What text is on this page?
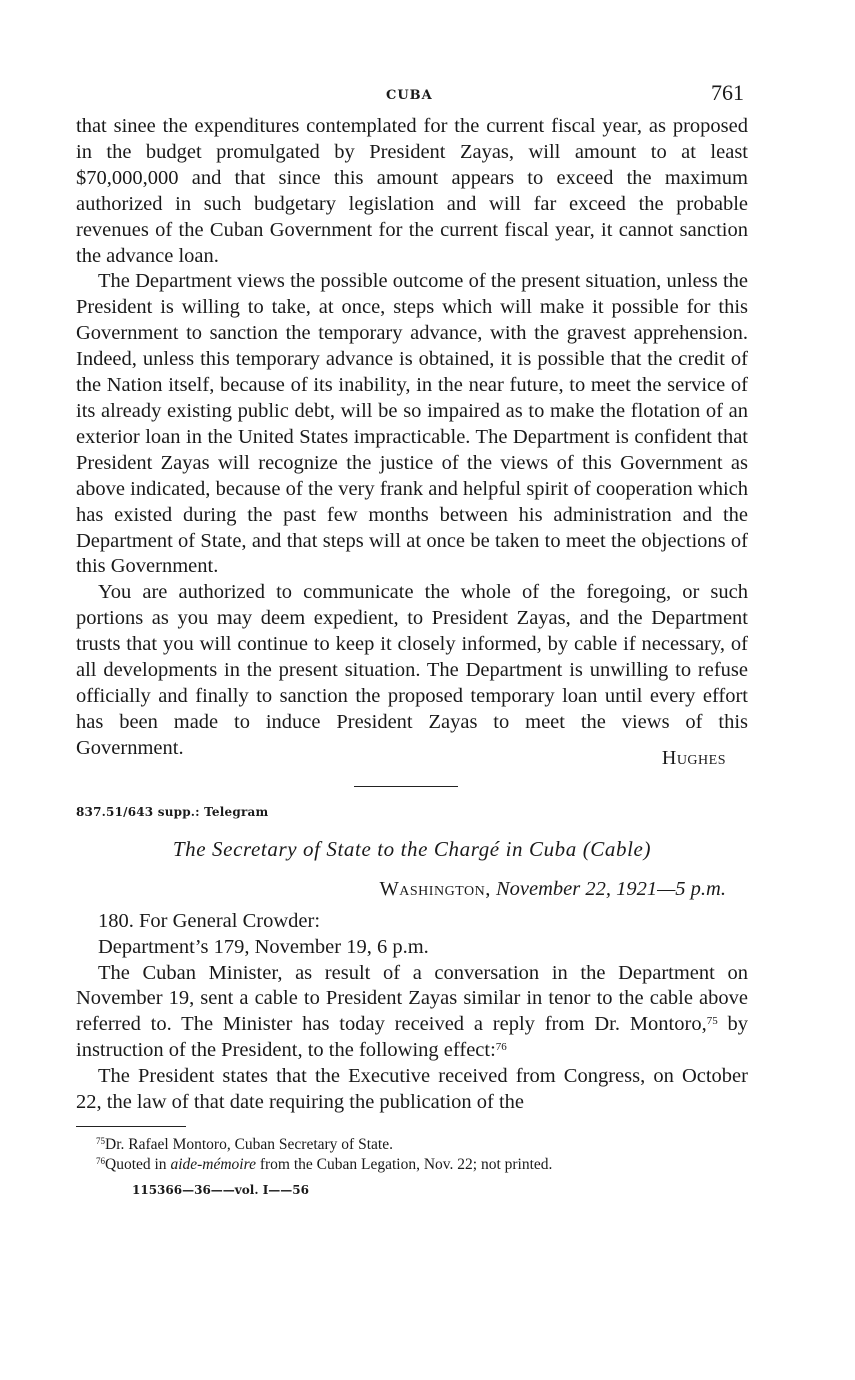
CUBA	761

that sinee the expenditures contemplated for the current fiscal year, as proposed in the budget promulgated by President Zayas, will amount to at least $70,000,000 and that since this amount appears to exceed the maximum authorized in such budgetary legislation and will far exceed the probable revenues of the Cuban Government for the current fiscal year, it cannot sanction the advance loan.

The Department views the possible outcome of the present situation, unless the President is willing to take, at once, steps which will make it possible for this Government to sanction the temporary advance, with the gravest apprehension. Indeed, unless this temporary advance is obtained, it is possible that the credit of the Nation itself, because of its inability, in the near future, to meet the service of its already existing public debt, will be so impaired as to make the flotation of an exterior loan in the United States impracticable. The Department is confident that President Zayas will recognize the justice of the views of this Government as above indicated, because of the very frank and helpful spirit of cooperation which has existed during the past few months between his administration and the Department of State, and that steps will at once be taken to meet the objections of this Government.

You are authorized to communicate the whole of the foregoing, or such portions as you may deem expedient, to President Zayas, and the Department trusts that you will continue to keep it closely informed, by cable if necessary, of all developments in the present situation. The Department is unwilling to refuse officially and finally to sanction the proposed temporary loan until every effort has been made to induce President Zayas to meet the views of this

Government.	Hughes
837.51/643 supp.: Telegram
The Secretary of State to the Chargé in Cuba (Cable)
Washington, November 22, 1921—5 p.m.

180. For General Crowder:

Department’s 179, November 19, 6 p.m.

The Cuban Minister, as result of a conversation in the Department on November 19, sent a cable to President Zayas similar in tenor to the cable above referred to. The Minister has today received a reply from Dr. Montoro,$^{75}$ by instruction of the President, to the following effect:$^{76}$

The President states that the Executive received from Congress, on October 22, the law of that date requiring the publication of the

$^{75}$Dr. Rafael Montoro, Cuban Secretary of State.
$^{76}$Quoted in aide-mémoire from the Cuban Legation, Nov. 22; not printed.
115366—36——vol. I——56
